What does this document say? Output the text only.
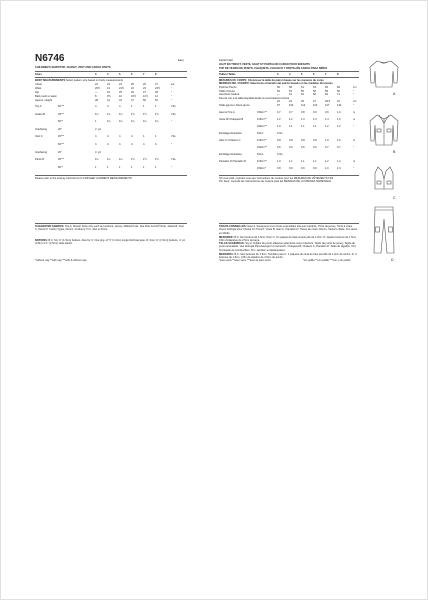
N6746	Easy
CHILDREN'S SHIRT/TOP, JACKET, VEST AND CARGO PANTS
Facile/ Fácil
HAUT EN TRICOT, VESTE, GILET ET PANTALON CARGO POUR ENFANTS
TOP DE TEJIDO DE PUNTO, CHAQUETA, CHALECO Y PANTALÓN CARGO PARA NIÑOS
Sizes	3	4	5	6	7	8
BODY MEASUREMENTS Select pattern size based on body measurements
Chest	22	23	24	25	26	27	ins.
Waist	20½	21	21½	22	23	23½	"
Hip	—	24	25	26	27	28	"
Back neck to waist	8	9½	10	10½	11½	12	"
Approx. Height	38	41	44	47	50	52	"
Top A	60"**	¾	¾	¾	1	1	1	Yds.
Jacket B	45"**	1¼	1¼	1¼	1½	1½	1½	Yds.
60"*	1	1¼	1¼	1¼	1¼	1¼	"
Interfacing	20"	¼ yd.
Vest C	45"**	¾	¾	¾	¾	1	1	Yds.
60"**	¾	¾	¾	¾	¾	¾	"
Interfacing	20"	¼ yd.
Pants D	45"**	1¼	1¼	1¼	1½	1½	1½	Yds.
60"*	1	1	1	1	1	1	"
Please refer to the sewing instructions for FINISHED GARMENT MEASUREMENTS
SUGGESTED FABRICS: Top A: Stretch Knits only such as Interlock, Jersey, Ribbed Knits. See Pick-A-Knit® Rule. Jacket B, Vest C, Pants D: Cotton Types, Denim, Corduroy. N.C. also in Prints.
NOTIONS: B,C: Six ⅝" (1.5cm) buttons. Also for C: One pkg. of ½" (1.3cm) single fold bias tape. D: Four ⅝" (1.5cm) buttons, ⅞ yd. (0.8m) of 1" (2.5cm) wide elastic.
*without nap **with nap ***with & without nap
Tailles/ Tallas	3	4	5	6	7	8
MESURES DU CORPS: Choisissez la taille du patron basée sur les mesures du corps
MEDIDAS DEL CUERPO: Seleccione el tamaño del patrón basado en las medidas del cuerpo
Poitrine/ Pecho	56	58	61	64	66	69	cm
Taille/ Cintura	52	53	55	56	58	60	"
Hanches/ Cadera	—	61	64	66	69	71	"
Dos du cou à la taille/ Espalda desde la nuca hasta la cintura
22	24	25	27	29.5	31	cm
Taille approx./ Altura aprox.	97	104	112	119	127	132	"
Haut A/ Top A	150cm**	0.7	0.7	0.8	0.9	0.9	1.0	m
Veste B/ Chaqueta B	115cm**	1.2	1.2	1.3	1.3	1.4	1.5	m
150cm**	1.0	1.1	1.1	1.1	1.2	1.2	"
Entoilage/ Entretela	51cm	0.3m
Gilet C/ Chaleco C	115cm**	0.8	0.8	0.8	0.8	1.0	1.0	m
150cm**	0.6	0.6	0.6	0.6	0.7	0.7	"
Entoilage/ Entretela	51cm	0.3m
Pantalon D/ Pantalón D	115cm**	1.0	1.1	1.1	1.1	1.2	1.2	m
150cm*	0.8	0.9	0.9	0.9	1.0	1.0	"
S'il vous plaît, reportez-vous aux instructions de couture pour les MESURES DE VÊTEMENTS FINI
Por favor, consulte las instrucciones de costura para las MEDIDAS DE LA PRENDA TERMINADA
TISSUS CONSEILLÉS: Haut A: Seulement pour tricots extensibles tels que Interlock, Tricot de jersey, Tricot à côtes. Voyez la Règle Pour Choisir Un Tricot®. Veste B, Gilet C, Pantalon D: Tissus de coton, Denim, Velours côtelé. N.C aussi en Motifs.
MERCERIE: B,C: Six boutons de 1.5cm. Pour C: Un paquet de biais simple plié de 1.3cm. D: Quatre boutons de 1.5cm, 0.8m d'élastique de 2.5cm de large.
TELAS SUGERIDAS: Top A: Tejidos de punto elásticos solamente como Interlock, Tejido de punto de jersey, Tejido de punto acanalado. Vea la Regla Para Escoger Un Género®. Chaqueta B, Chaleco C, Pantalón D: Telas de algodón, Dril, Terciopelo de Cordoncillos. N.C. también en Estampados.
MERCERÍA: B,C: Seis botones de 1.5cm. También para C: 1 paquete de cinta de bies sencillo de 1.3cm de ancho. D: 4 botones de 1.5cm, 0.8m de elástico de 2.5cm de ancho.
*sans sens **avec sens ***avec et sans sens	*sin pelillo **con pelillo ***con y sin pelillo
A
B
C
D
